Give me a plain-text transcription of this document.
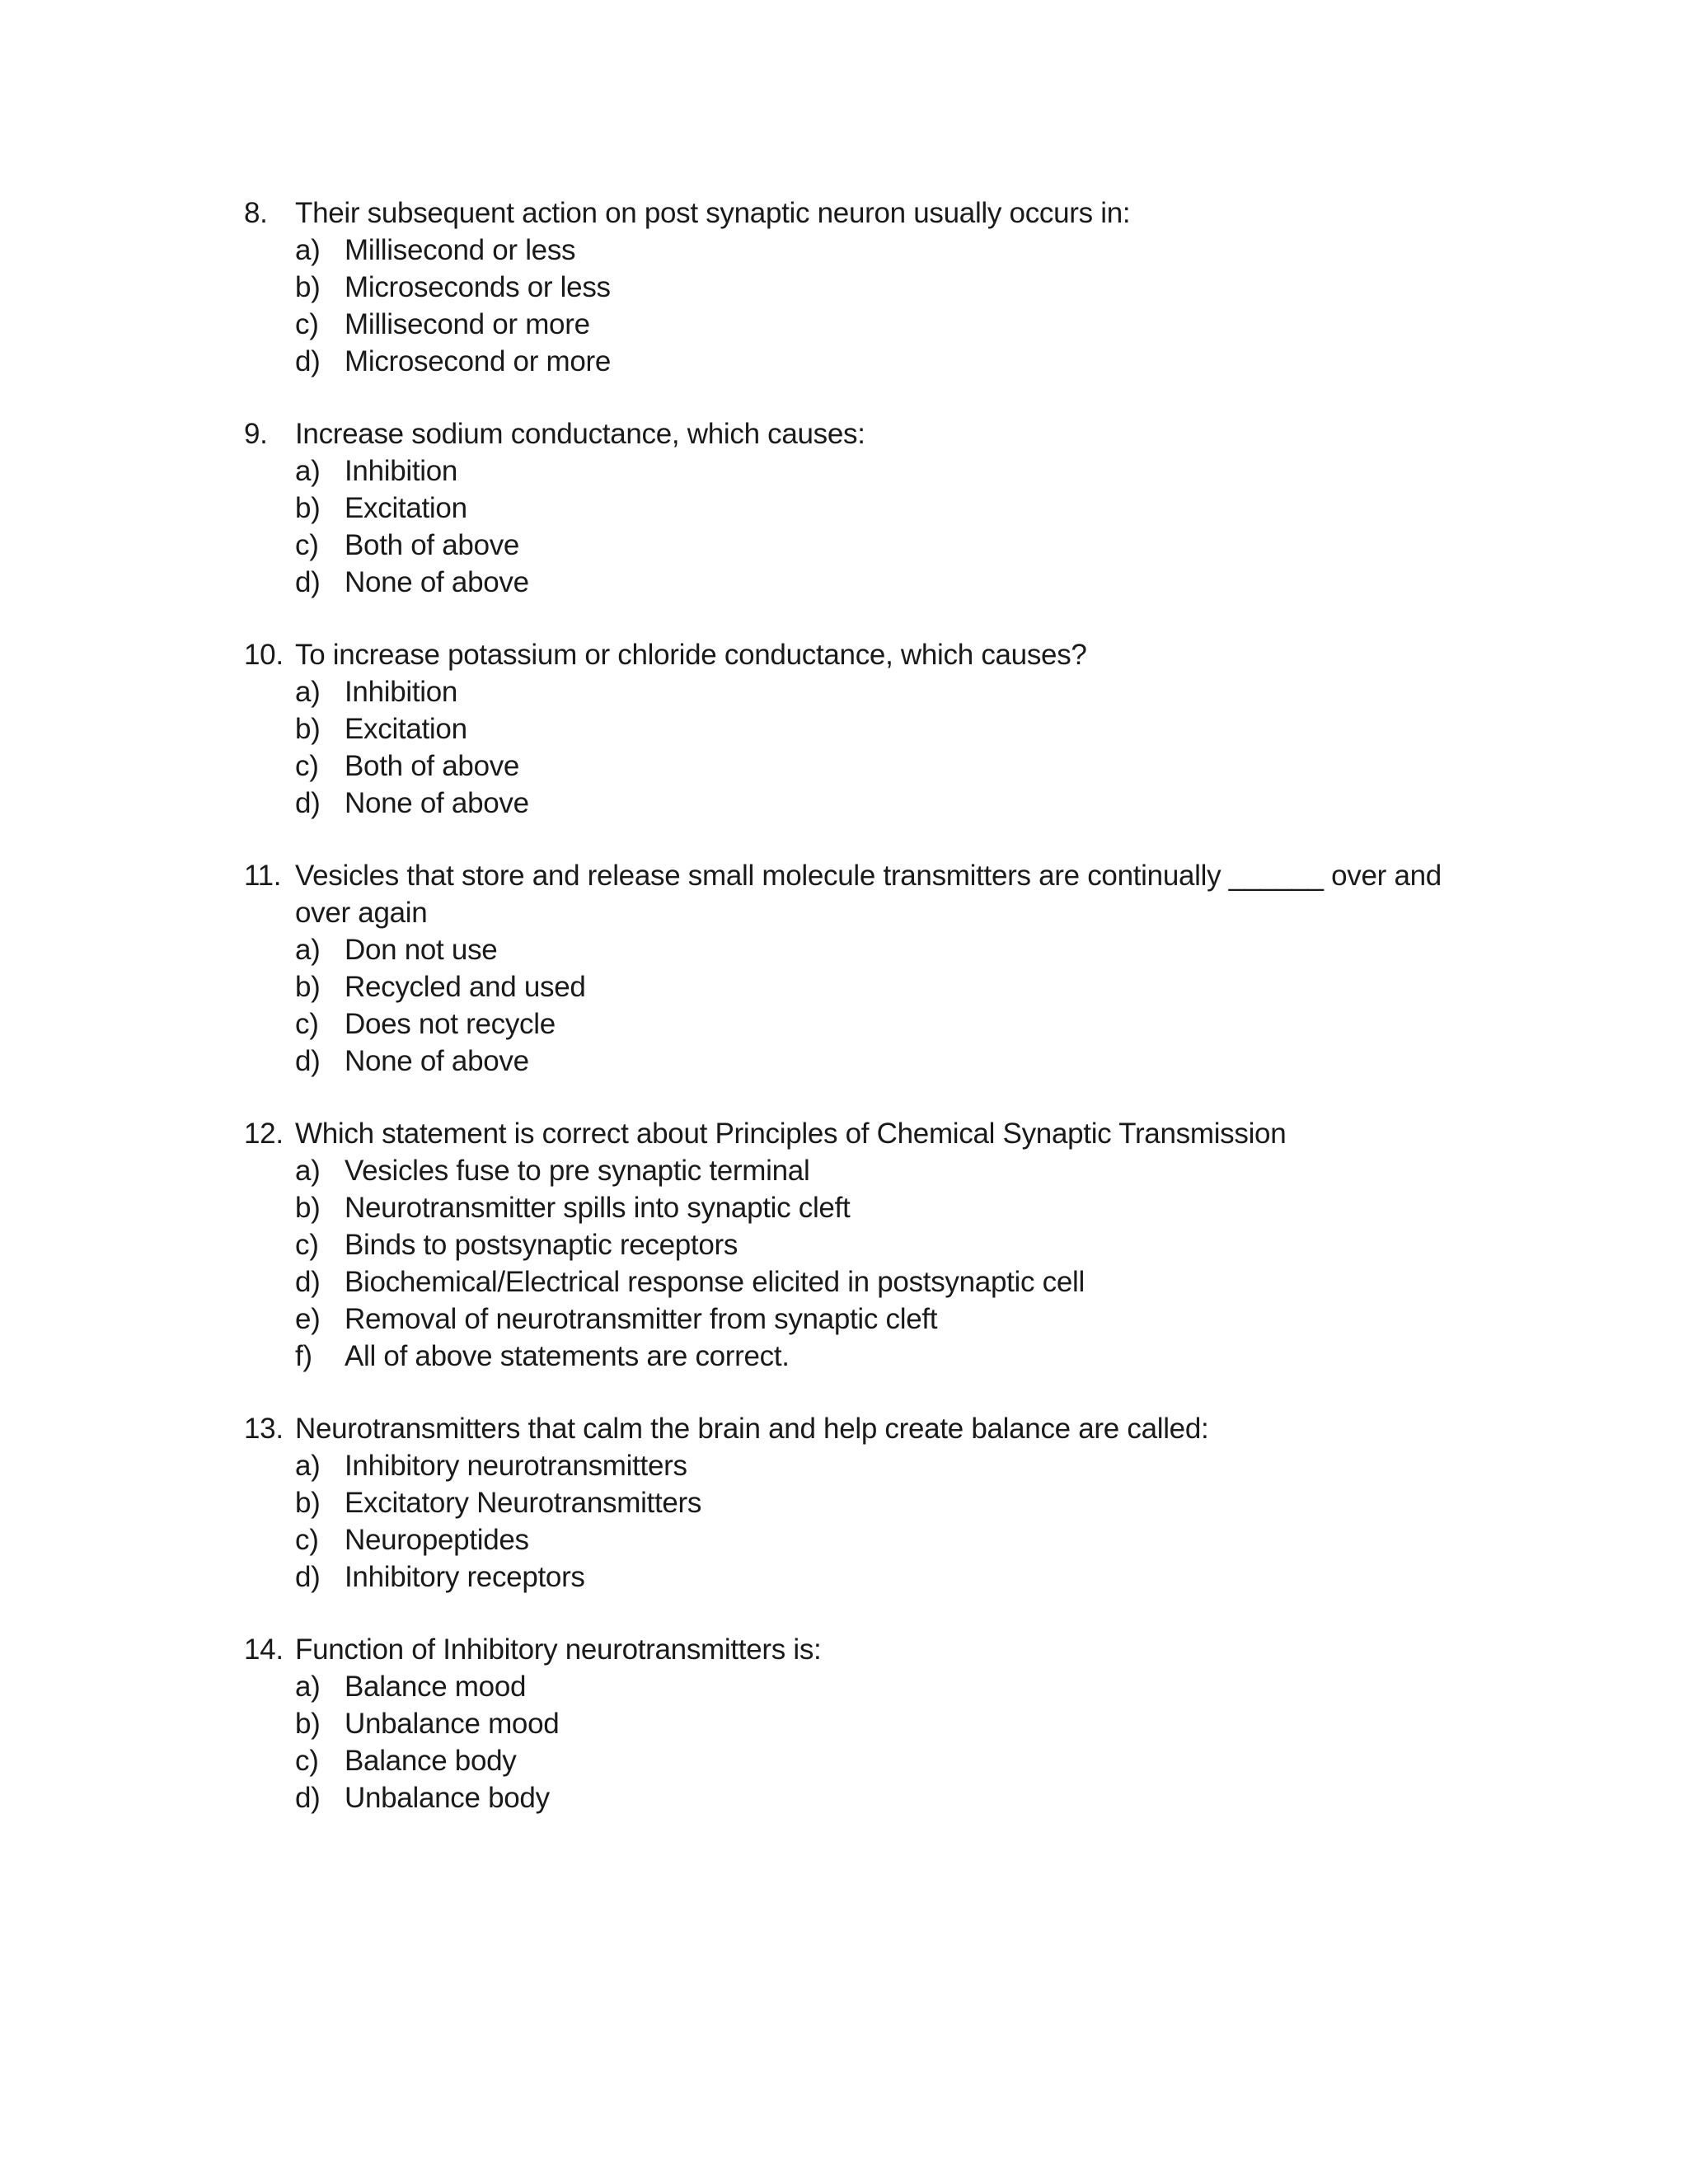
8. Their subsequent action on post synaptic neuron usually occurs in:
a) Millisecond or less
b) Microseconds or less
c) Millisecond or more
d) Microsecond or more
9. Increase sodium conductance, which causes:
a) Inhibition
b) Excitation
c) Both of above
d) None of above
10. To increase potassium or chloride conductance, which causes?
a) Inhibition
b) Excitation
c) Both of above
d) None of above
11. Vesicles that store and release small molecule transmitters are continually ______ over and over again
a) Don not use
b) Recycled and used
c) Does not recycle
d) None of above
12. Which statement is correct about Principles of Chemical Synaptic Transmission
a) Vesicles fuse to pre synaptic terminal
b) Neurotransmitter spills into synaptic cleft
c) Binds to postsynaptic receptors
d) Biochemical/Electrical response elicited in postsynaptic cell
e) Removal of neurotransmitter from synaptic cleft
f)	All of above statements are correct.
13. Neurotransmitters that calm the brain and help create balance are called:
a) Inhibitory neurotransmitters
b) Excitatory Neurotransmitters
c) Neuropeptides
d) Inhibitory receptors
14. Function of Inhibitory neurotransmitters is:
a) Balance mood
b) Unbalance mood
c) Balance body
d) Unbalance body
